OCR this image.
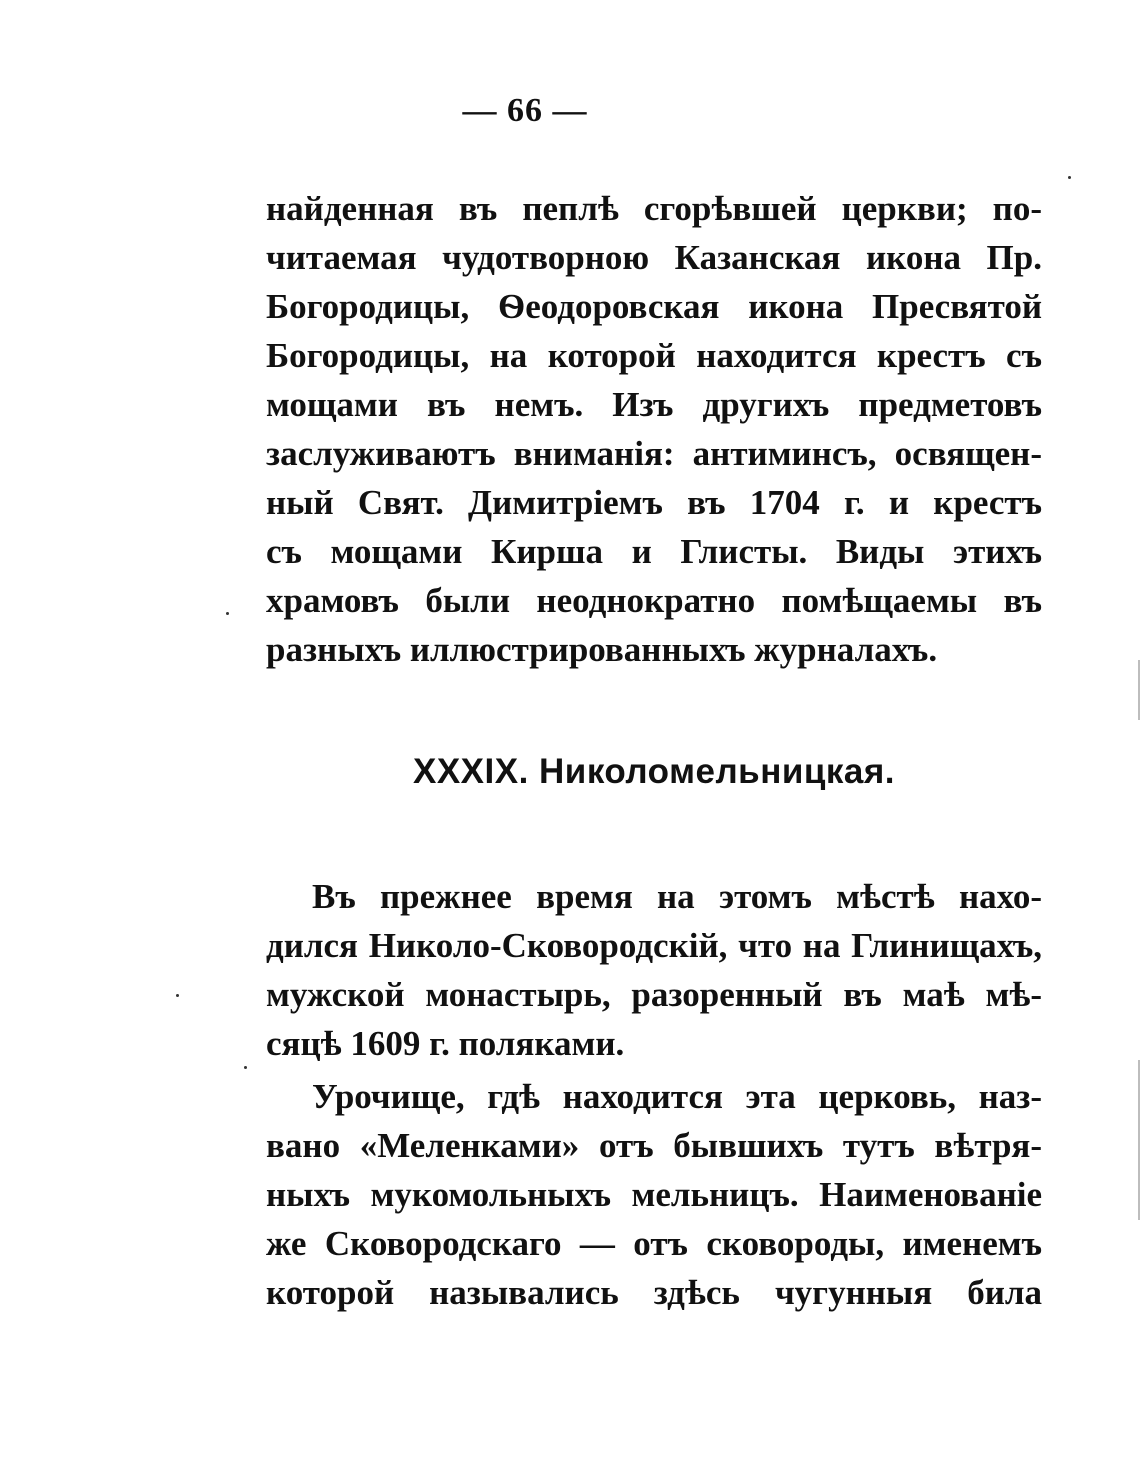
— 66 —
найденная въ пеплѣ сгорѣвшей церкви; по-
читаемая чудотворною Казанская икона Пр.
Богородицы, Ѳеодоровская икона Пресвятой
Богородицы, на которой находится крестъ съ
мощами въ немъ. Изъ другихъ предметовъ
заслуживаютъ вниманія: антиминсъ, освящен-
ный Свят. Димитріемъ въ 1704 г. и крестъ
съ мощами Кирша и Глисты. Виды этихъ
храмовъ были неоднократно помѣщаемы въ
разныхъ иллюстрированныхъ журналахъ.
XXXIX. Николомельницкая.
Въ прежнее время на этомъ мѣстѣ нахо-
дился Николо-Сковородскій, что на Глинищахъ,
мужской монастырь, разоренный въ маѣ мѣ-
сяцѣ 1609 г. поляками.
Урочище, гдѣ находится эта церковь, наз-
вано «Меленками» отъ бывшихъ тутъ вѣтря-
ныхъ мукомольныхъ мельницъ. Наименованіе
же Сковородскаго — отъ сковороды, именемъ
которой назывались здѣсь чугунныя била
